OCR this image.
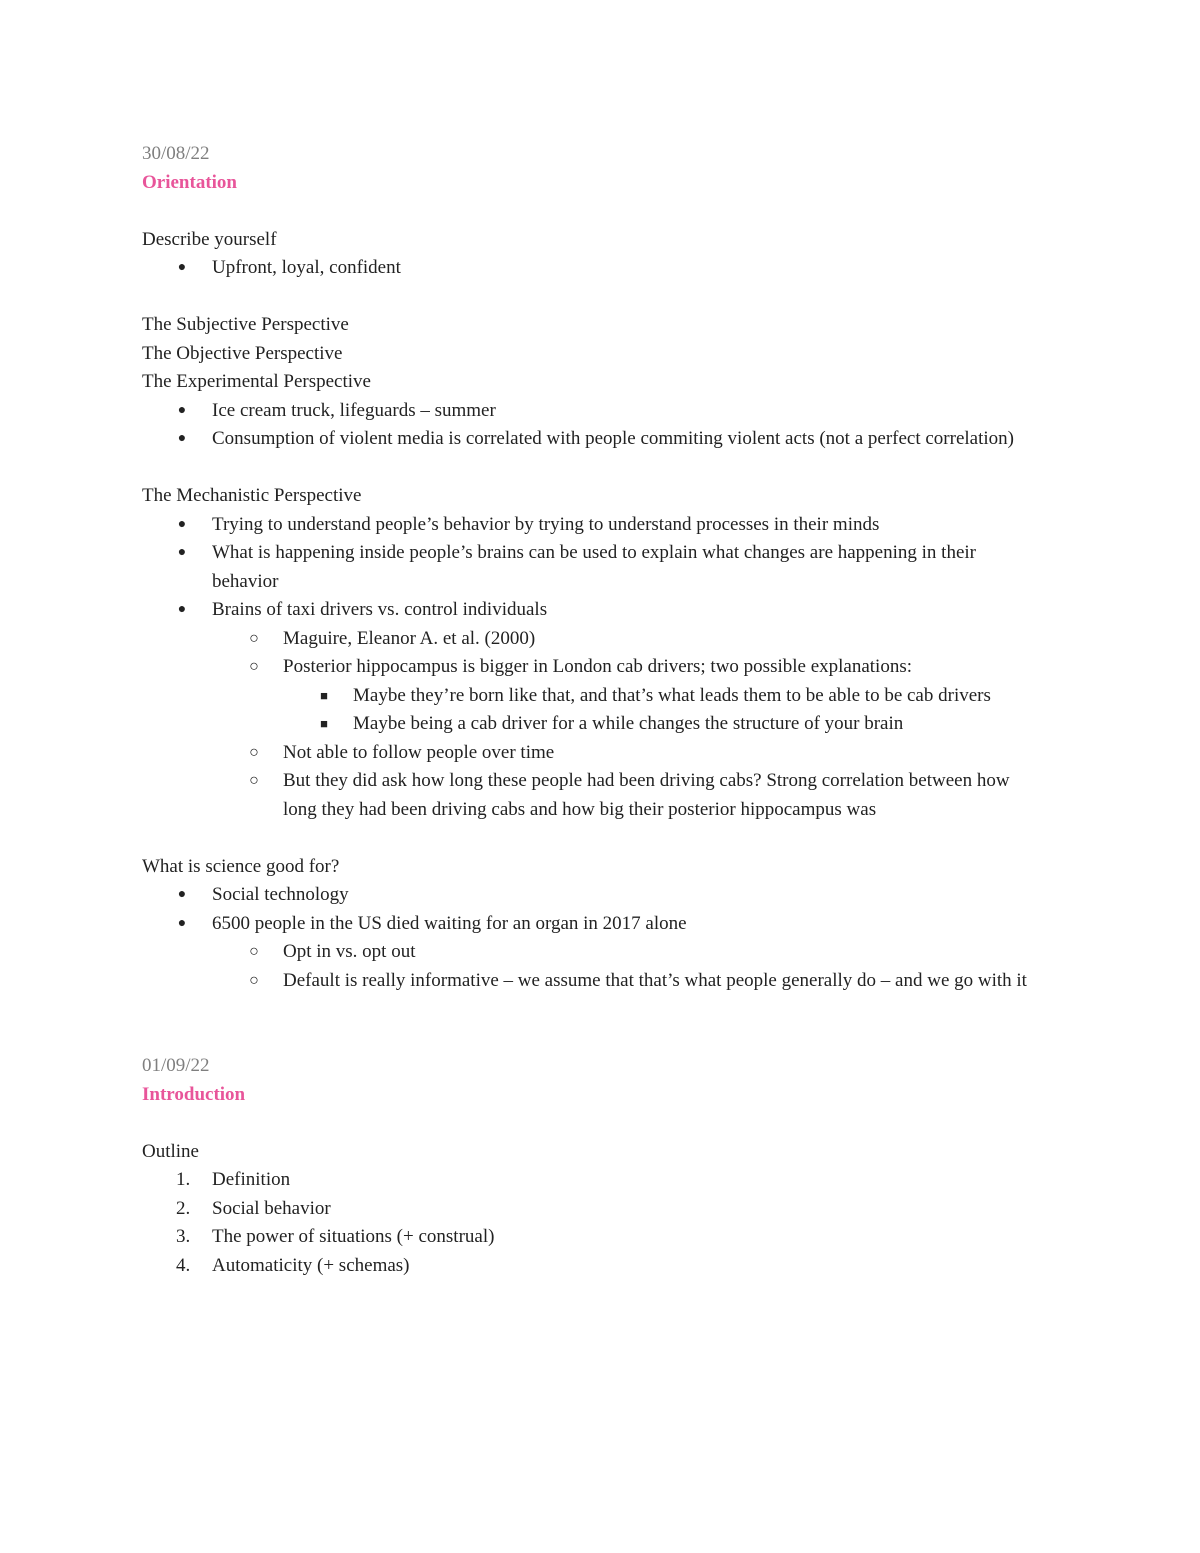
30/08/22
Orientation
Describe yourself
●	Upfront, loyal, confident
The Subjective Perspective
The Objective Perspective
The Experimental Perspective
●	Ice cream truck, lifeguards – summer
●	Consumption of violent media is correlated with people commiting violent acts (not a perfect correlation)
The Mechanistic Perspective
●	Trying to understand people’s behavior by trying to understand processes in their minds
●	What is happening inside people’s brains can be used to explain what changes are happening in their behavior
●	Brains of taxi drivers vs. control individuals
○ Maguire, Eleanor A. et al. (2000)
○ Posterior hippocampus is bigger in London cab drivers; two possible explanations:
■	Maybe they’re born like that, and that’s what leads them to be able to be cab drivers
■	Maybe being a cab driver for a while changes the structure of your brain
○ Not able to follow people over time
○ But they did ask how long these people had been driving cabs? Strong correlation between how long they had been driving cabs and how big their posterior hippocampus was
What is science good for?
●	Social technology
●	6500 people in the US died waiting for an organ in 2017 alone
○ Opt in vs. opt out
○ Default is really informative – we assume that that’s what people generally do – and we go with it
01/09/22
Introduction
Outline
1.	Definition
2.	Social behavior
3.	The power of situations (+ construal)
4.	Automaticity (+ schemas)
